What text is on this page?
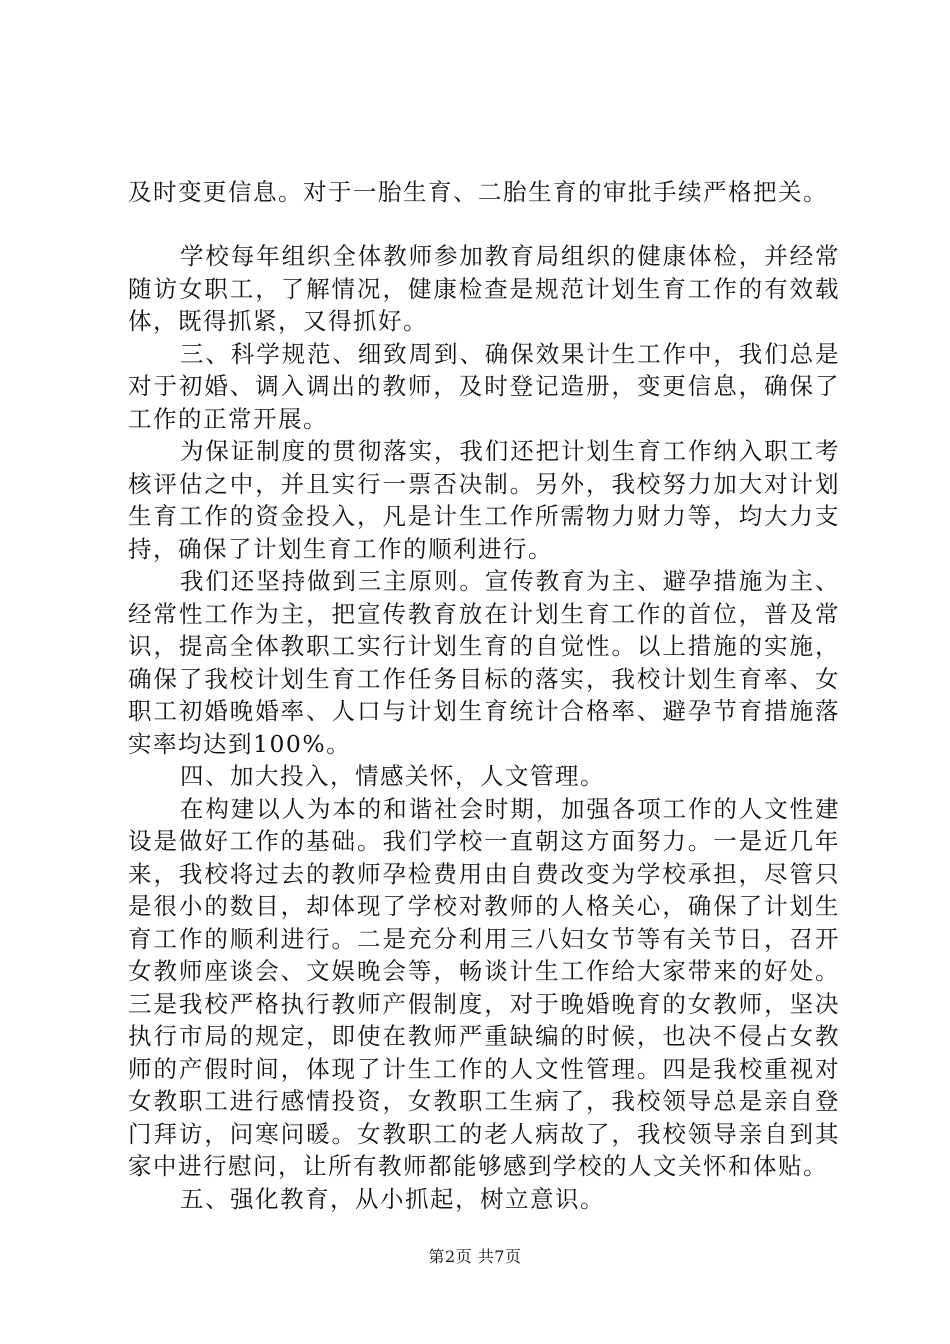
及时变更信息。对于一胎生育、二胎生育的审批手续严格把关。

学校每年组织全体教师参加教育局组织的健康体检，并经常随访女职工，了解情况，健康检查是规范计划生育工作的有效载体，既得抓紧，又得抓好。

三、科学规范、细致周到、确保效果计生工作中，我们总是对于初婚、调入调出的教师，及时登记造册，变更信息，确保了工作的正常开展。

为保证制度的贯彻落实，我们还把计划生育工作纳入职工考核评估之中，并且实行一票否决制。另外，我校努力加大对计划生育工作的资金投入，凡是计生工作所需物力财力等，均大力支持，确保了计划生育工作的顺利进行。

我们还坚持做到三主原则。宣传教育为主、避孕措施为主、经常性工作为主，把宣传教育放在计划生育工作的首位，普及常识，提高全体教职工实行计划生育的自觉性。以上措施的实施，确保了我校计划生育工作任务目标的落实，我校计划生育率、女职工初婚晚婚率、人口与计划生育统计合格率、避孕节育措施落实率均达到100%。

四、加大投入，情感关怀，人文管理。

在构建以人为本的和谐社会时期，加强各项工作的人文性建设是做好工作的基础。我们学校一直朝这方面努力。一是近几年来，我校将过去的教师孕检费用由自费改变为学校承担，尽管只是很小的数目，却体现了学校对教师的人格关心，确保了计划生育工作的顺利进行。二是充分利用三八妇女节等有关节日，召开女教师座谈会、文娱晚会等，畅谈计生工作给大家带来的好处。三是我校严格执行教师产假制度，对于晚婚晚育的女教师，坚决执行市局的规定，即使在教师严重缺编的时候，也决不侵占女教师的产假时间，体现了计生工作的人文性管理。四是我校重视对女教职工进行感情投资，女教职工生病了，我校领导总是亲自登门拜访，问寒问暖。女教职工的老人病故了，我校领导亲自到其家中进行慰问，让所有教师都能够感到学校的人文关怀和体贴。

五、强化教育，从小抓起，树立意识。

第2页 共7页
